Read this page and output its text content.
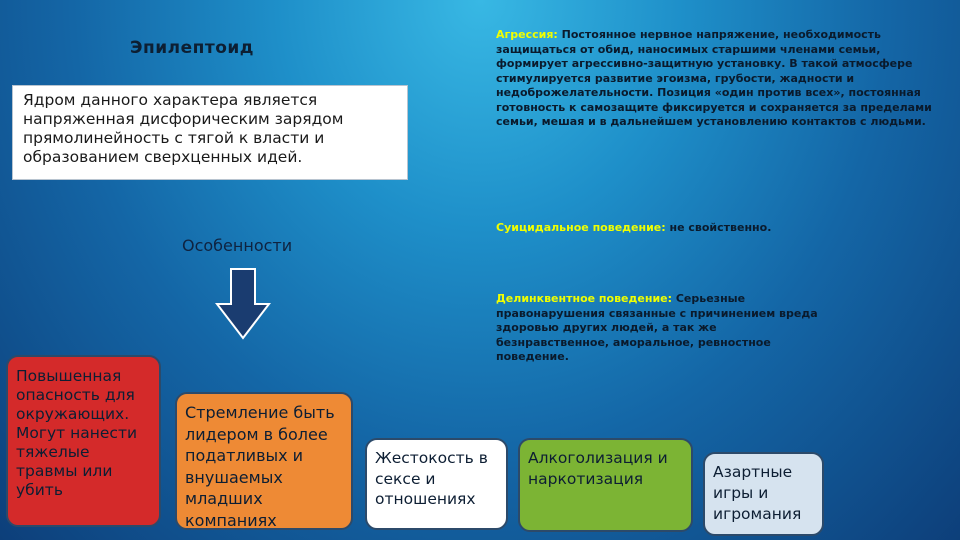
Эпилептоид
Ядром данного характера является напряженная дисфорическим зарядом прямолинейность с тягой к власти и образованием сверхценных идей.
Особенности
Агрессия: Постоянное нервное напряжение, необходимость защищаться от обид, наносимых старшими членами семьи, формирует агрессивно-защитную установку. В такой атмосфере стимулируется развитие эгоизма, грубости, жадности и недоброжелательности. Позиция «один против всех», постоянная готовность к самозащите фиксируется и сохраняется за пределами семьи, мешая и в дальнейшем установлению контактов с людьми.
Суицидальное поведение: не свойственно.
Делинквентное поведение: Серьезные правонарушения связанные с причинением вреда здоровью других людей, а так же безнравственное, аморальное, ревностное поведение.
Повышенная опасность для окружающих. Могут нанести тяжелые травмы или убить
Стремление быть лидером в более податливых и внушаемых младших компаниях
Жестокость в сексе и отношениях
Алкоголизация и наркотизация	Азартные игры и игромания
